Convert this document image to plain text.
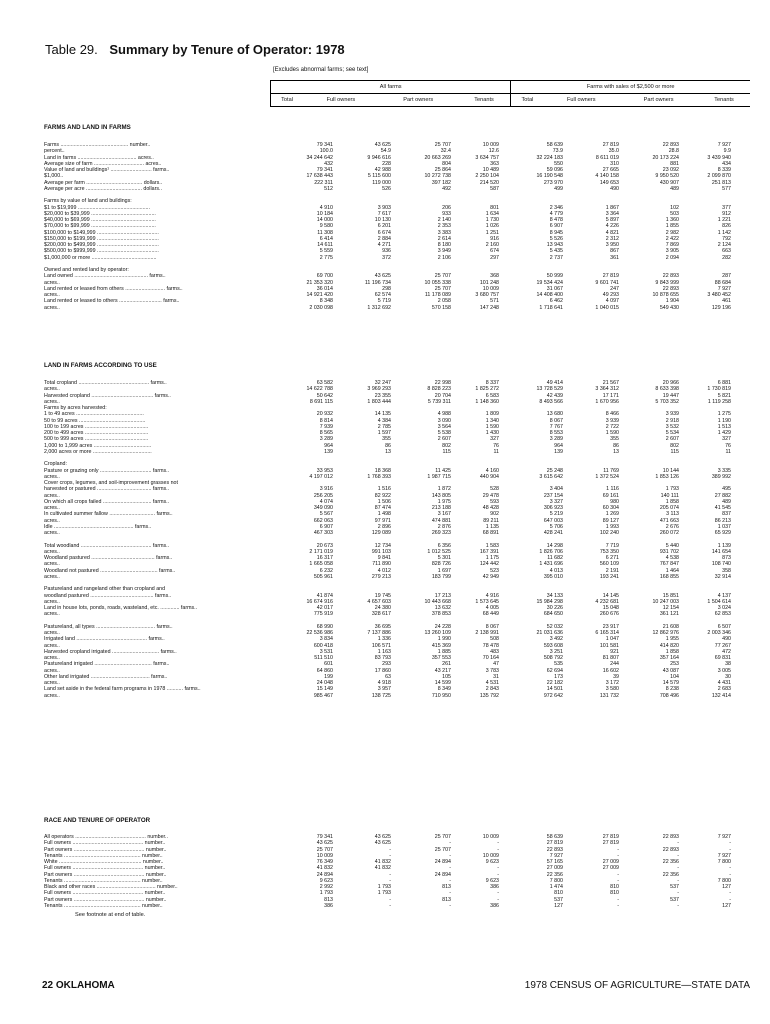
Table 29. Summary by Tenure of Operator: 1978
[Excludes abnormal farms; see text]
All farms				Farms with sales of $2,500 or more			
Total	Full owners	Part owners	Tenants	Total	Full owners	Part owners	Tenants
FARMS AND LAND IN FARMS
Farms .............................................. number..	79 341	43 625	25 707	10 009	58 639	27 819	22 893	7 927
percent..	100.0	54.9	32.4	12.6	73.9	35.0	28.8	9.9
Land in farms ........................................ acres..	34 244 642	9 946 616	20 663 269	3 634 757	32 224 183	8 611 019	20 173 224	3 439 940
Average size of farm .................................. acres..	432	228	804	363	550	310	881	434
Value of land and buildings¹ ............................ farms..	79 341	42 988	25 864	10 489	59 096	27 665	23 092	8 339
$1,000..	17 638 443	5 115 600	10 272 738	2 250 104	16 190 548	4 140 158	9 950 520	2 099 870
Average per farm ...................................... dollars..	222 311	119 000	397 182	214 520	273 970	149 653	430 907	251 813
Average per acre ...................................... dollars..	512	526	492	587	499	490	489	577
Farms by value of land and buildings:
$1 to $19,999 .................................................	4 910	3 903	206	801	2 346	1 867	102	377
$20,000 to $39,999 ............................................	10 184	7 617	933	1 634	4 779	3 364	503	912
$40,000 to $69,999 ............................................	14 000	10 130	2 140	1 730	8 478	5 897	1 360	1 221
$70,000 to $99,999 ............................................	9 580	6 201	2 353	1 026	6 907	4 226	1 855	826
$100,000 to $149,999 ..........................................	11 308	6 674	3 383	1 251	8 945	4 821	2 982	1 142
$150,000 to $199,999 ..........................................	6 414	2 884	2 614	916	5 526	2 312	2 422	792
$200,000 to $499,999 ..........................................	14 611	4 271	8 180	2 160	13 943	3 950	7 869	2 124
$500,000 to $999,999 ..........................................	5 559	936	3 949	674	5 435	867	3 905	663
$1,000,000 or more ............................................	2 775	372	2 106	297	2 737	361	2 094	282
Owned and rented land by operator:
Land owned .................................................. farms..	69 700	43 625	25 707	368	50 999	27 819	22 893	287
acres..	21 353 320	11 196 734	10 055 338	101 248	19 534 424	9 601 741	9 843 999	88 684
Land rented or leased from others ........................... farms..	36 014	298	25 707	10 009	31 067	247	22 893	7 927
acres..	14 921 420	62 574	11 178 089	3 680 757	14 408 400	49 293	10 878 655	3 480 452
Land rented or leased to others ............................. farms..	8 348	5 719	2 058	571	6 462	4 097	1 904	461
acres..	2 030 098	1 312 692	570 158	147 248	1 718 641	1 040 015	549 430	129 196
LAND IN FARMS ACCORDING TO USE
Total cropland ................................................ farms..	63 582	32 247	22 998	8 337	49 414	21 567	20 966	6 881
acres..	14 622 788	3 969 293	8 828 223	1 825 272	13 728 529	3 364 312	8 633 398	1 730 819
Harvested cropland .......................................... farms..	50 642	23 355	20 704	6 583	42 439	17 171	19 447	5 821
acres..	8 691 115	1 803 444	5 739 311	1 148 360	8 493 566	1 670 956	5 703 352	1 119 258
Farms by acres harvested:
1 to 49 acres ..............................................	20 932	14 135	4 988	1 809	13 680	8 466	3 939	1 275
50 to 99 acres .............................................	8 814	4 384	3 090	1 340	8 067	3 939	2 918	1 190
100 to 199 acres ...........................................	7 939	2 785	3 564	1 590	7 767	2 722	3 532	1 513
200 to 499 acres ...........................................	8 565	1 597	5 538	1 430	8 553	1 590	5 534	1 429
500 to 999 acres ...........................................	3 289	355	2 607	327	3 289	355	2 607	327
1,000 to 1,999 acres .......................................	964	86	802	76	964	86	802	76
2,000 acres or more ........................................	139	13	115	11	139	13	115	11
Cropland:
Pasture or grazing only ................................... farms..	33 953	18 368	11 425	4 160	25 248	11 769	10 144	3 335
acres..	4 197 012	1 768 393	1 987 715	440 904	3 615 642	1 372 524	1 853 126	389 992
Cover crops, legumes, and soil-improvement grasses not
harvested or pastured ..................................... farms..	3 916	1 516	1 872	528	3 404	1 116	1 793	495
acres..	256 205	82 922	143 805	29 478	237 154	69 161	140 111	27 882
On which all crops failed ................................. farms..	4 074	1 506	1 975	593	3 327	980	1 858	489
acres..	349 090	87 474	213 188	48 428	306 923	60 304	205 074	41 545
In cultivated summer fallow ............................... farms..	5 567	1 498	3 167	902	5 219	1 269	3 113	837
acres..	662 063	97 971	474 881	89 211	647 003	89 127	471 663	86 213
Idle ...................................................... farms..	6 907	2 896	2 876	1 135	5 706	1 993	2 676	1 037
acres..	467 303	129 089	269 323	68 891	428 241	102 240	260 072	65 929
Total woodland ................................................ farms..	20 673	12 734	6 356	1 583	14 298	7 719	5 440	1 139
acres..	2 171 019	991 103	1 012 525	167 391	1 826 706	753 350	931 702	141 654
Woodland pastured ........................................... farms..	16 317	9 841	5 301	1 175	11 682	6 271	4 538	873
acres..	1 665 058	711 890	828 726	124 442	1 431 696	560 109	767 847	108 740
Woodland not pastured ....................................... farms..	6 232	4 012	1 697	523	4 013	2 191	1 464	358
acres..	505 961	279 213	183 799	42 949	395 010	193 241	168 855	32 914
Pastureland and rangeland other than cropland and
woodland pastured ........................................... farms..	41 874	19 745	17 213	4 916	34 133	14 145	15 851	4 137
acres..	16 674 916	4 657 603	10 443 668	1 573 645	15 984 298	4 232 681	10 247 003	1 504 614
Land in house lots, ponds, roads, wasteland, etc. ............. farms..	42 017	24 380	13 632	4 005	30 226	15 048	12 154	3 024
acres..	775 919	328 617	378 853	68 449	684 650	260 676	361 121	62 853
Pastureland, all types ........................................ farms..	68 990	36 695	24 228	8 067	52 032	23 917	21 608	6 507
acres..	22 536 986	7 137 886	13 260 109	2 138 991	21 031 636	6 165 314	12 862 976	2 003 346
Irrigated land ................................................ farms..	3 834	1 336	1 990	508	3 492	1 047	1 955	490
acres..	600 418	106 571	415 369	78 478	593 608	101 581	414 820	77 267
Harvested cropland irrigated ................................ farms..	3 531	1 163	1 885	483	3 251	921	1 858	472
acres..	511 510	83 793	357 553	70 164	508 792	81 807	357 164	69 831
Pastureland irrigated ....................................... farms..	601	293	261	47	535	244	253	38
acres..	64 860	17 860	43 217	3 783	62 694	16 602	43 087	3 005
Other land irrigated ........................................ farms..	199	63	105	31	173	39	104	30
acres..	24 048	4 918	14 599	4 531	22 182	3 172	14 579	4 431
Land set aside in the federal farm programs in 1978 ........... farms..	15 149	3 957	8 349	2 843	14 501	3 580	8 238	2 683
acres..	985 467	138 725	710 950	135 792	972 642	131 732	708 496	132 414
RACE AND TENURE OF OPERATOR
All operators ................................................ number..	79 341	43 625	25 707	10 009	58 639	27 819	22 893	7 927
Full owners ................................................ number..	43 625	43 625	-	-	27 819	27 819	-	-
Part owners ................................................ number..	25 707	-	25 707	-	22 893	-	22 893	-
Tenants .................................................... number..	10 009	-	-	10 009	7 927	-	-	7 927
White ........................................................ number..	76 349	41 832	24 894	9 623	57 165	27 009	22 356	7 800
Full owners ................................................ number..	41 832	41 832	-	-	27 009	27 009	-	-
Part owners ................................................ number..	24 894	-	24 894	-	22 356	-	22 356	-
Tenants .................................................... number..	9 623	-	-	9 623	7 800	-	-	7 800
Black and other races ........................................ number..	2 992	1 793	813	386	1 474	810	537	127
Full owners ................................................ number..	1 793	1 793	-	-	810	810	-	-
Part owners ................................................ number..	813	-	813	-	537	-	537	-
Tenants .................................................... number..	386	-	-	386	127	-	-	127
See footnote at end of table.
22 OKLAHOMA	1978 CENSUS OF AGRICULTURE—STATE DATA
